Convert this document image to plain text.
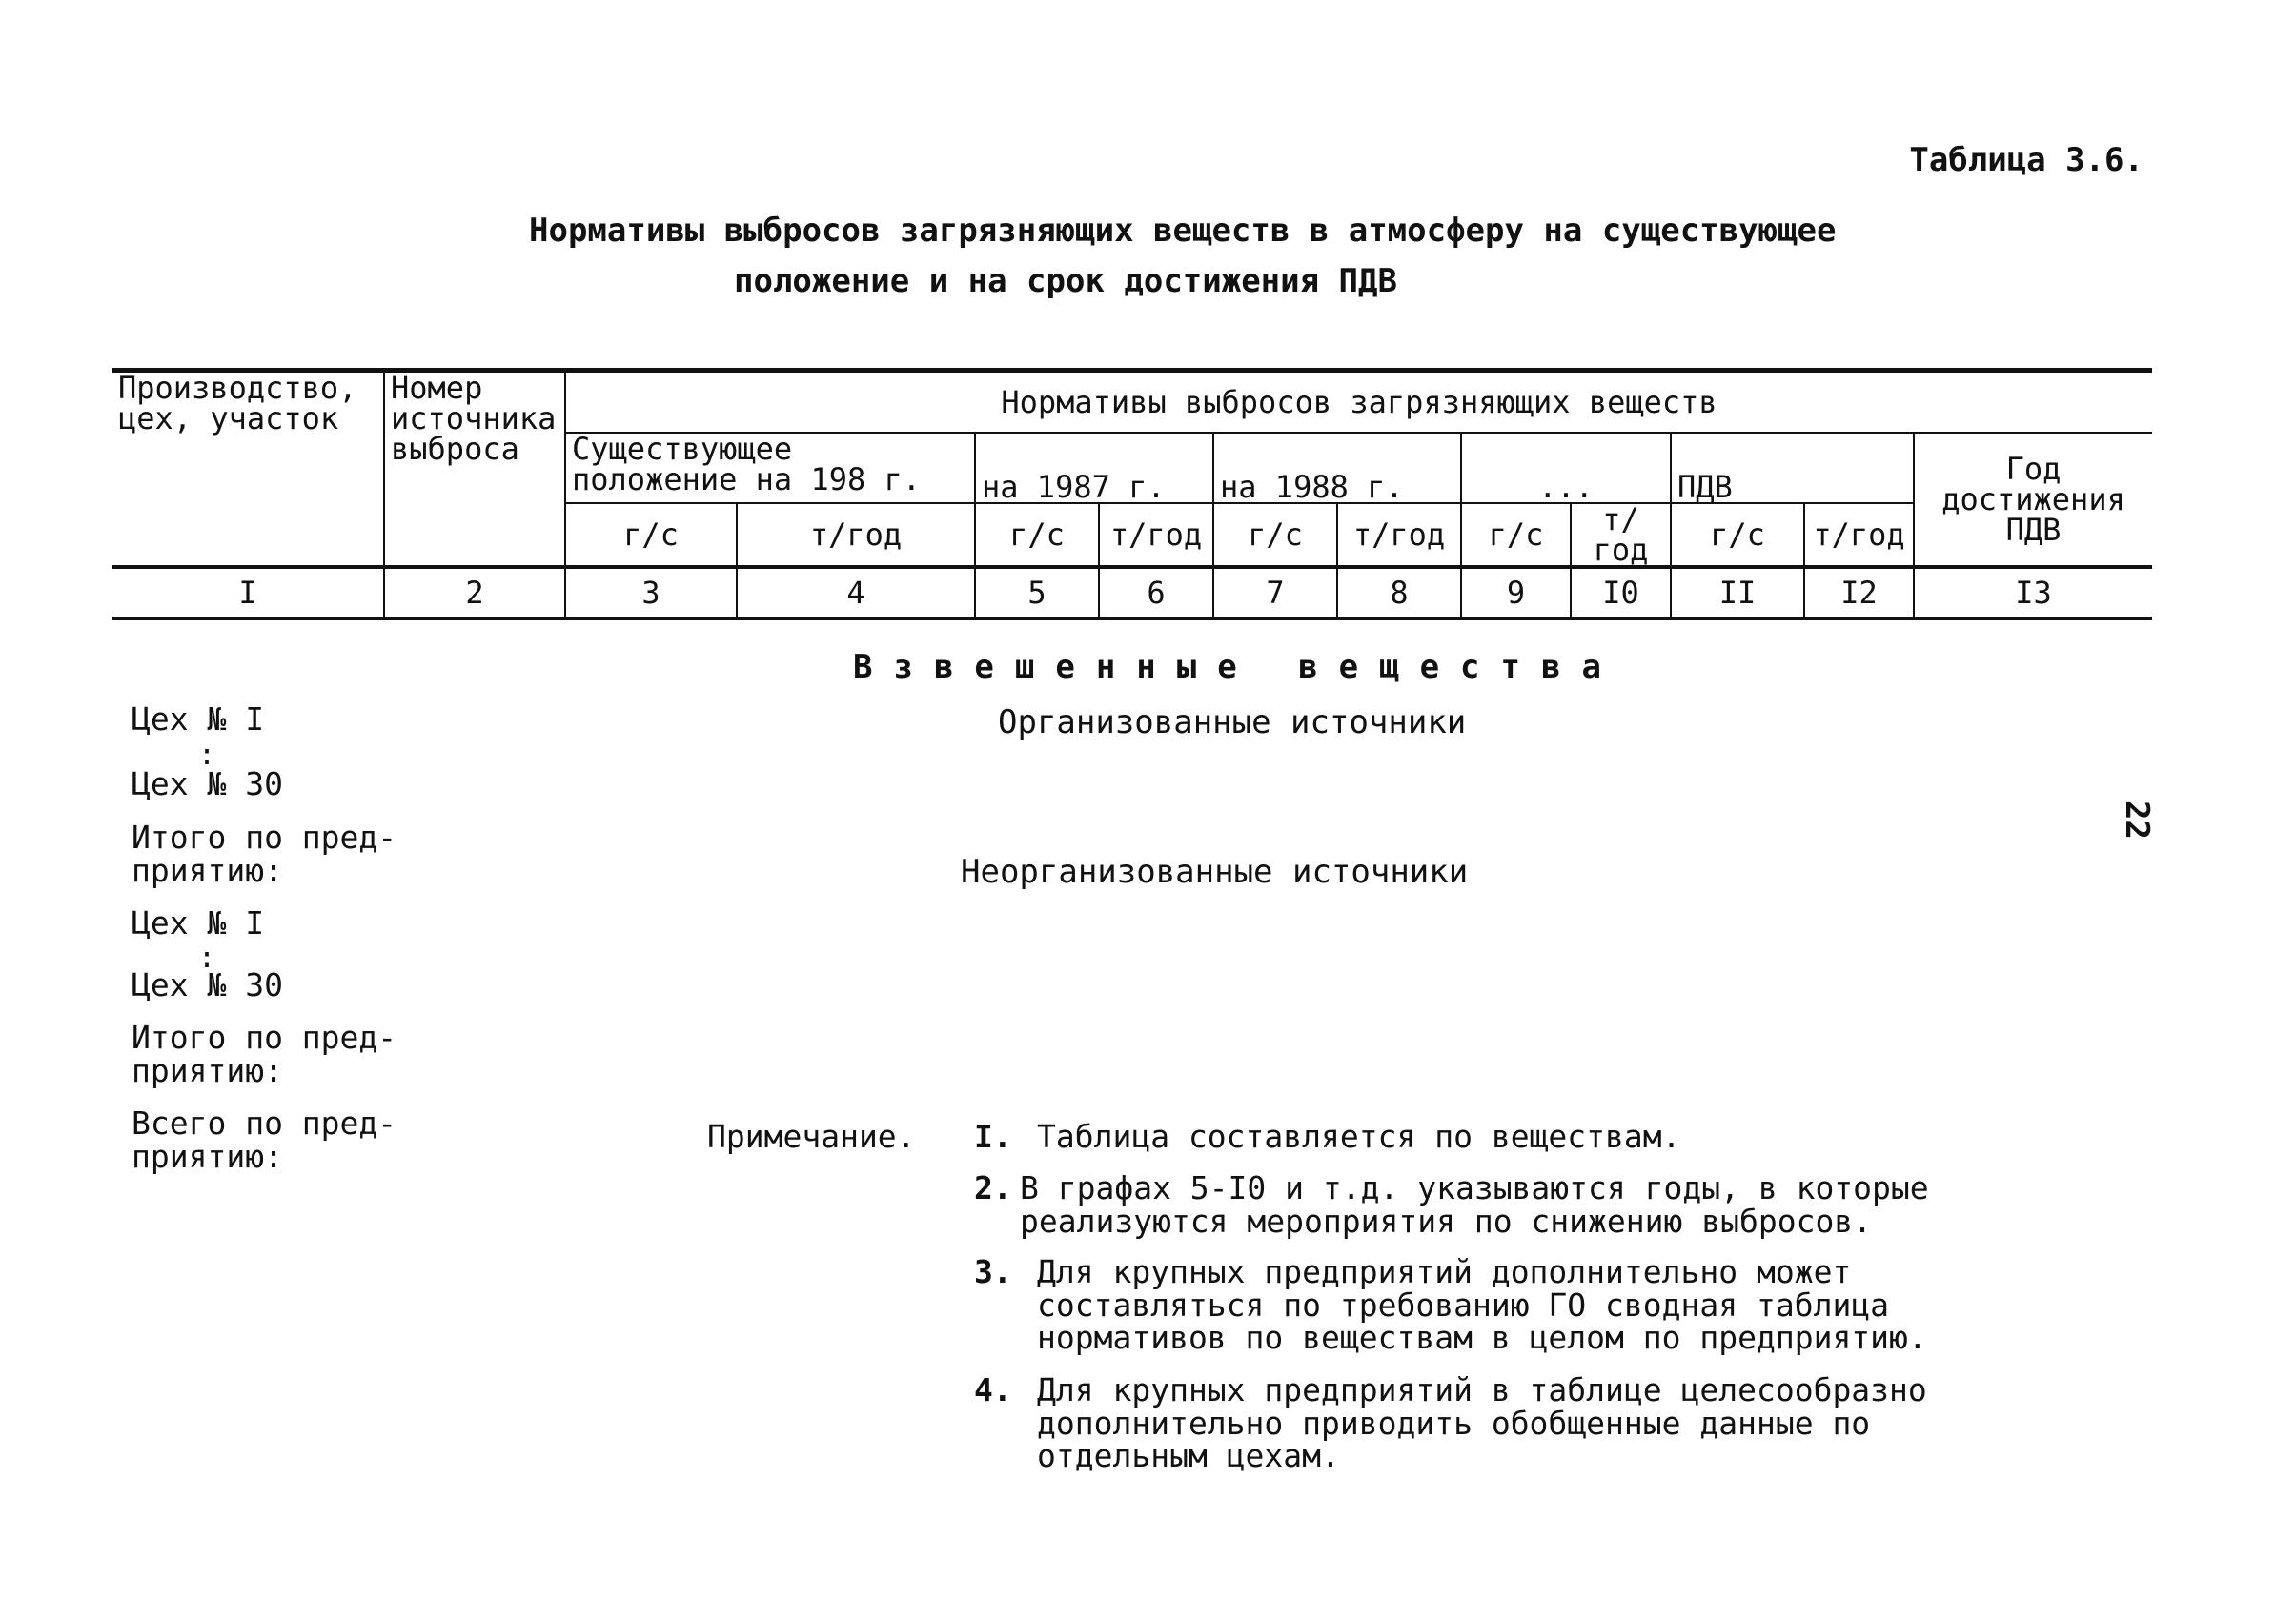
Таблица 3.6.
Нормативы выбросов загрязняющих веществ в атмосферу на существующее
положение и на срок достижения ПДВ
22
Производство, цех, участок	Номер источника выброса	Нормативы выбросов загрязняющих веществ										
		Существующее положение на 198 г.		на 1987 г.		на 1988 г.		...		ПДВ		Год достижения ПДВ
		г/с	т/год	г/с	т/год	г/с	т/год	г/с	т/год	г/с	т/год	
I	2	3	4	5	6	7	8	9	I0	II	I2	I3
Взвешенные вещества
Организованные источники
Неорганизованные источники
Цех № I
:
Цех № 30
Итого по пред-
приятию:
Цех № I
:
Цех № 30
Итого по пред-
приятию:
Всего по пред-
приятию:
Примечание. I. Таблица составляется по веществам.
2. В графах 5-I0 и т.д. указываются годы, в которые
реализуются мероприятия по снижению выбросов.
3. Для крупных предприятий дополнительно может
составляться по требованию ГО сводная таблица
нормативов по веществам в целом по предприятию.
4. Для крупных предприятий в таблице целесообразно
дополнительно приводить обобщенные данные по
отдельным цехам.
